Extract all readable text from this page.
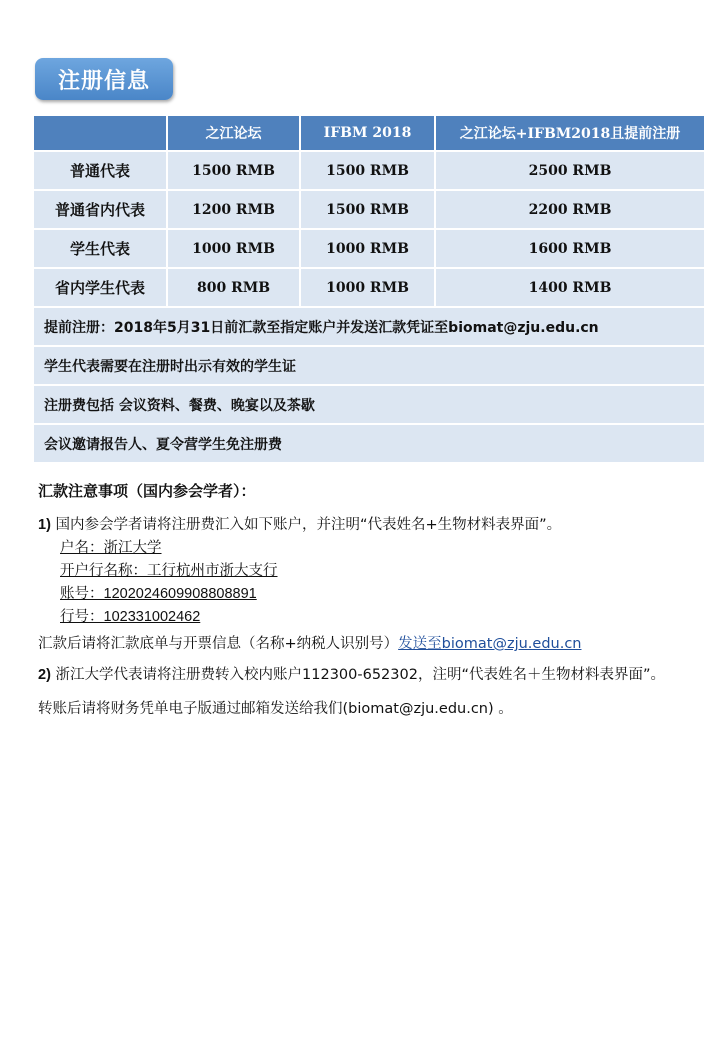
注册信息
	之江论坛	IFBM 2018	之江论坛+IFBM2018且提前注册
普通代表	1500 RMB	1500 RMB	2500 RMB
普通省内代表	1200 RMB	1500 RMB	2200 RMB
学生代表	1000 RMB	1000 RMB	1600 RMB
省内学生代表	800 RMB	1000 RMB	1400 RMB
提前注册：2018年5月31日前汇款至指定账户并发送汇款凭证至biomat@zju.edu.cn			
学生代表需要在注册时出示有效的学生证			
注册费包括 会议资料、餐费、晚宴以及茶歇			
会议邀请报告人、夏令营学生免注册费			

汇款注意事项（国内参会学者）：

1) 国内参会学者请将注册费汇入如下账户，并注明“代表姓名+生物材料表界面”。

户名：浙江大学

开户行名称：工行杭州市浙大支行

账号：1202024609908808891

行号：102331002462

汇款后请将汇款底单与开票信息（名称+纳税人识别号）发送至biomat@zju.edu.cn

2) 浙江大学代表请将注册费转入校内账户112300-652302，注明“代表姓名＋生物材料表界面”。

转账后请将财务凭单电子版通过邮箱发送给我们(biomat@zju.edu.cn) 。
